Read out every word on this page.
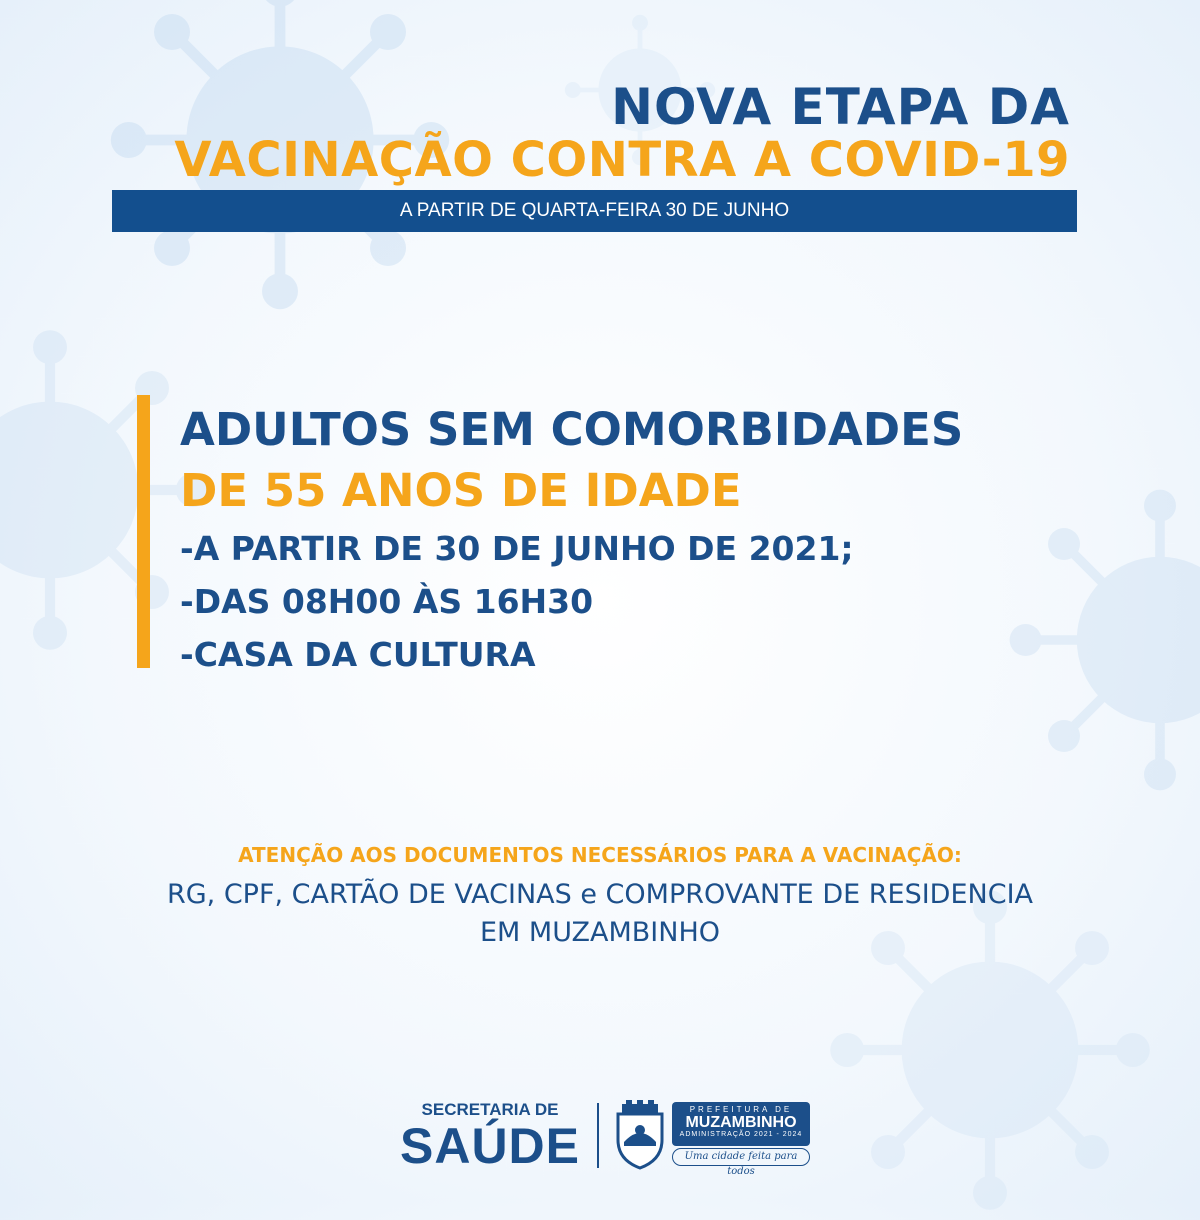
NOVA ETAPA DA
VACINAÇÃO CONTRA A COVID-19
A PARTIR DE QUARTA-FEIRA 30 DE JUNHO
ADULTOS SEM COMORBIDADES
DE 55 ANOS DE IDADE
-A PARTIR DE 30 DE JUNHO DE 2021;
-DAS 08H00 ÀS 16H30
-CASA DA CULTURA
ATENÇÃO AOS DOCUMENTOS NECESSÁRIOS PARA A VACINAÇÃO:
RG, CPF, CARTÃO DE VACINAS e COMPROVANTE DE RESIDENCIA
EM MUZAMBINHO
SECRETARIA DE
SAÚDE
PREFEITURA DE
MUZAMBINHO
ADMINISTRAÇÃO 2021 - 2024
Uma cidade feita para todos
